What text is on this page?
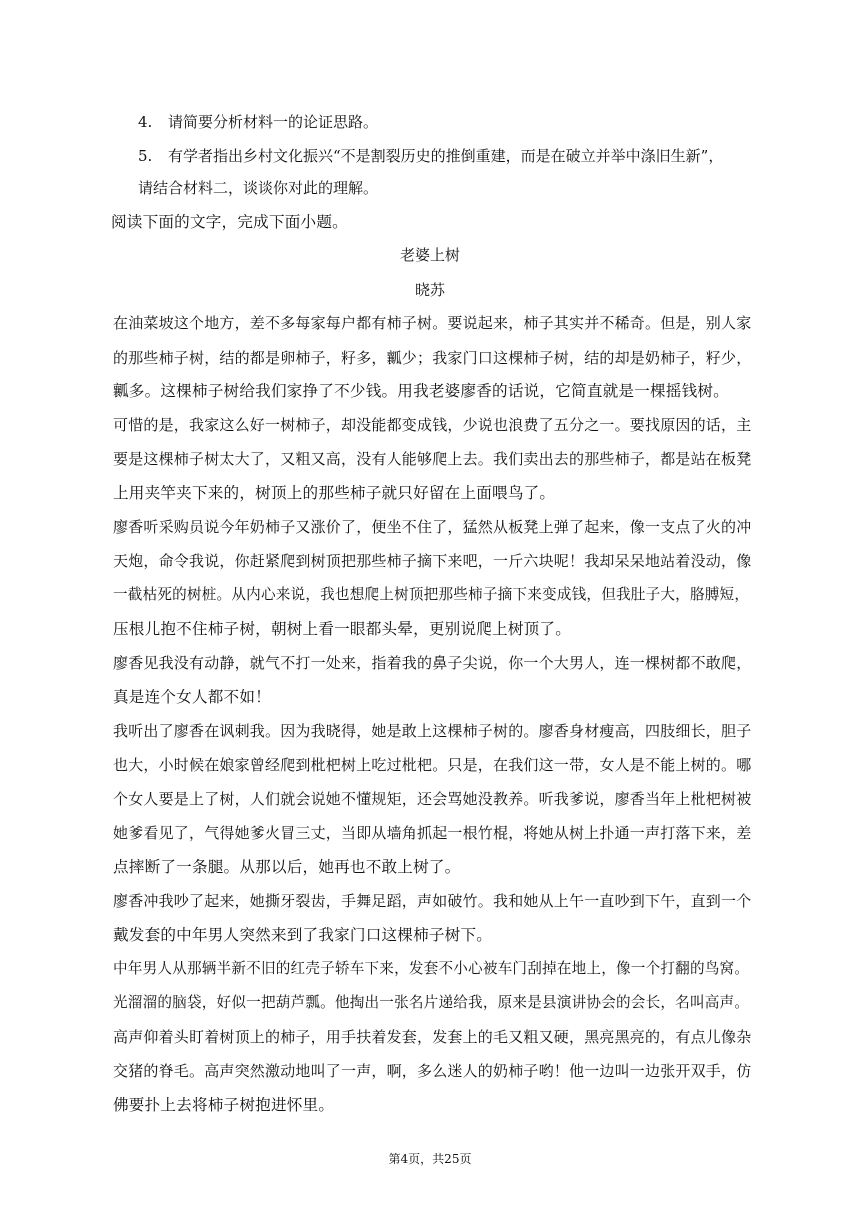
4. 请简要分析材料一的论证思路。
5. 有学者指出乡村文化振兴“不是割裂历史的推倒重建，而是在破立并举中涤旧生新”，
请结合材料二，谈谈你对此的理解。
阅读下面的文字，完成下面小题。
老婆上树
晓苏
在油菜坡这个地方，差不多每家每户都有柿子树。要说起来，柿子其实并不稀奇。但是，别人家
的那些柿子树，结的都是卵柿子，籽多，瓤少；我家门口这棵柿子树，结的却是奶柿子，籽少，
瓤多。这棵柿子树给我们家挣了不少钱。用我老婆廖香的话说，它简直就是一棵摇钱树。
可惜的是，我家这么好一树柿子，却没能都变成钱，少说也浪费了五分之一。要找原因的话，主
要是这棵柿子树太大了，又粗又高，没有人能够爬上去。我们卖出去的那些柿子，都是站在板凳
上用夹竿夹下来的，树顶上的那些柿子就只好留在上面喂鸟了。
廖香听采购员说今年奶柿子又涨价了，便坐不住了，猛然从板凳上弹了起来，像一支点了火的冲
天炮，命令我说，你赶紧爬到树顶把那些柿子摘下来吧，一斤六块呢！我却呆呆地站着没动，像
一截枯死的树桩。从内心来说，我也想爬上树顶把那些柿子摘下来变成钱，但我肚子大，胳膊短，
压根儿抱不住柿子树，朝树上看一眼都头晕，更别说爬上树顶了。
廖香见我没有动静，就气不打一处来，指着我的鼻子尖说，你一个大男人，连一棵树都不敢爬，
真是连个女人都不如！
我听出了廖香在讽刺我。因为我晓得，她是敢上这棵柿子树的。廖香身材瘦高，四肢细长，胆子
也大，小时候在娘家曾经爬到枇杷树上吃过枇杷。只是，在我们这一带，女人是不能上树的。哪
个女人要是上了树，人们就会说她不懂规矩，还会骂她没教养。听我爹说，廖香当年上枇杷树被
她爹看见了，气得她爹火冒三丈，当即从墙角抓起一根竹棍，将她从树上扑通一声打落下来，差
点摔断了一条腿。从那以后，她再也不敢上树了。
廖香冲我吵了起来，她撕牙裂齿，手舞足蹈，声如破竹。我和她从上午一直吵到下午，直到一个
戴发套的中年男人突然来到了我家门口这棵柿子树下。
中年男人从那辆半新不旧的红壳子轿车下来，发套不小心被车门刮掉在地上，像一个打翻的鸟窝。
光溜溜的脑袋，好似一把葫芦瓢。他掏出一张名片递给我，原来是县演讲协会的会长，名叫高声。
高声仰着头盯着树顶上的柿子，用手扶着发套，发套上的毛又粗又硬，黑亮黑亮的，有点儿像杂
交猪的脊毛。高声突然激动地叫了一声，啊，多么迷人的奶柿子哟！他一边叫一边张开双手，仿
佛要扑上去将柿子树抱进怀里。
第4页，共25页
